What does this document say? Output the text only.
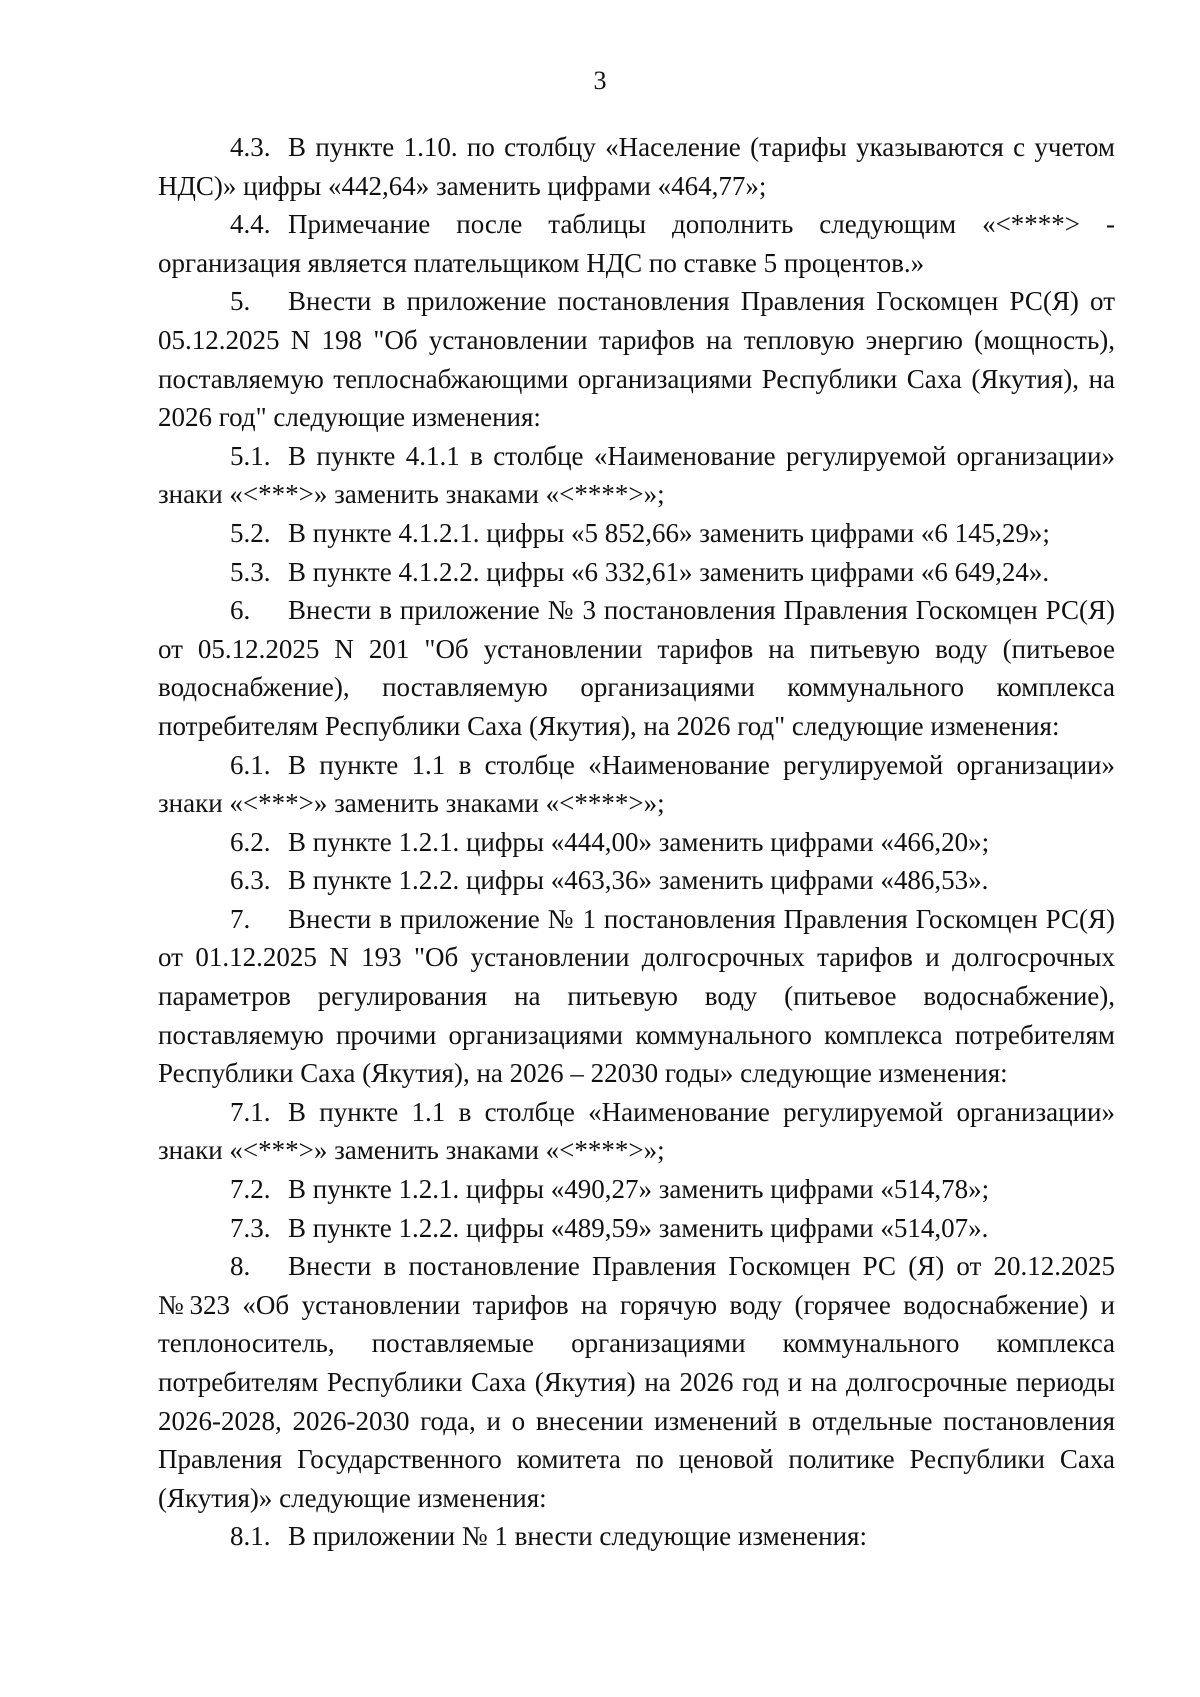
3

4.3. В пункте 1.10. по столбцу «Население (тарифы указываются с учетом НДС)» цифры «442,64» заменить цифрами «464,77»;

4.4. Примечание после таблицы дополнить следующим «<****> - организация является плательщиком НДС по ставке 5 процентов.»

5. Внести в приложение постановления Правления Госкомцен РС(Я) от 05.12.2025 N 198 "Об установлении тарифов на тепловую энергию (мощность), поставляемую теплоснабжающими организациями Республики Саха (Якутия), на 2026 год" следующие изменения:

5.1. В пункте 4.1.1 в столбце «Наименование регулируемой организации» знаки «<***>» заменить знаками «<****>»;

5.2. В пункте 4.1.2.1. цифры «5 852,66» заменить цифрами «6 145,29»;

5.3. В пункте 4.1.2.2. цифры «6 332,61» заменить цифрами «6 649,24».

6. Внести в приложение № 3 постановления Правления Госкомцен РС(Я) от 05.12.2025 N 201 "Об установлении тарифов на питьевую воду (питьевое водоснабжение), поставляемую организациями коммунального комплекса потребителям Республики Саха (Якутия), на 2026 год" следующие изменения:

6.1. В пункте 1.1 в столбце «Наименование регулируемой организации» знаки «<***>» заменить знаками «<****>»;

6.2. В пункте 1.2.1. цифры «444,00» заменить цифрами «466,20»;

6.3. В пункте 1.2.2. цифры «463,36» заменить цифрами «486,53».

7. Внести в приложение № 1 постановления Правления Госкомцен РС(Я) от 01.12.2025 N 193 "Об установлении долгосрочных тарифов и долгосрочных параметров регулирования на питьевую воду (питьевое водоснабжение), поставляемую прочими организациями коммунального комплекса потребителям Республики Саха (Якутия), на 2026 – 22030 годы» следующие изменения:

7.1. В пункте 1.1 в столбце «Наименование регулируемой организации» знаки «<***>» заменить знаками «<****>»;

7.2. В пункте 1.2.1. цифры «490,27» заменить цифрами «514,78»;

7.3. В пункте 1.2.2. цифры «489,59» заменить цифрами «514,07».

8. Внести в постановление Правления Госкомцен РС (Я) от 20.12.2025 №323 «Об установлении тарифов на горячую воду (горячее водоснабжение) и теплоноситель, поставляемые организациями коммунального комплекса потребителям Республики Саха (Якутия) на 2026 год и на долгосрочные периоды 2026-2028, 2026-2030 года, и о внесении изменений в отдельные постановления Правления Государственного комитета по ценовой политике Республики Саха (Якутия)» следующие изменения:

8.1. В приложении № 1 внести следующие изменения:
